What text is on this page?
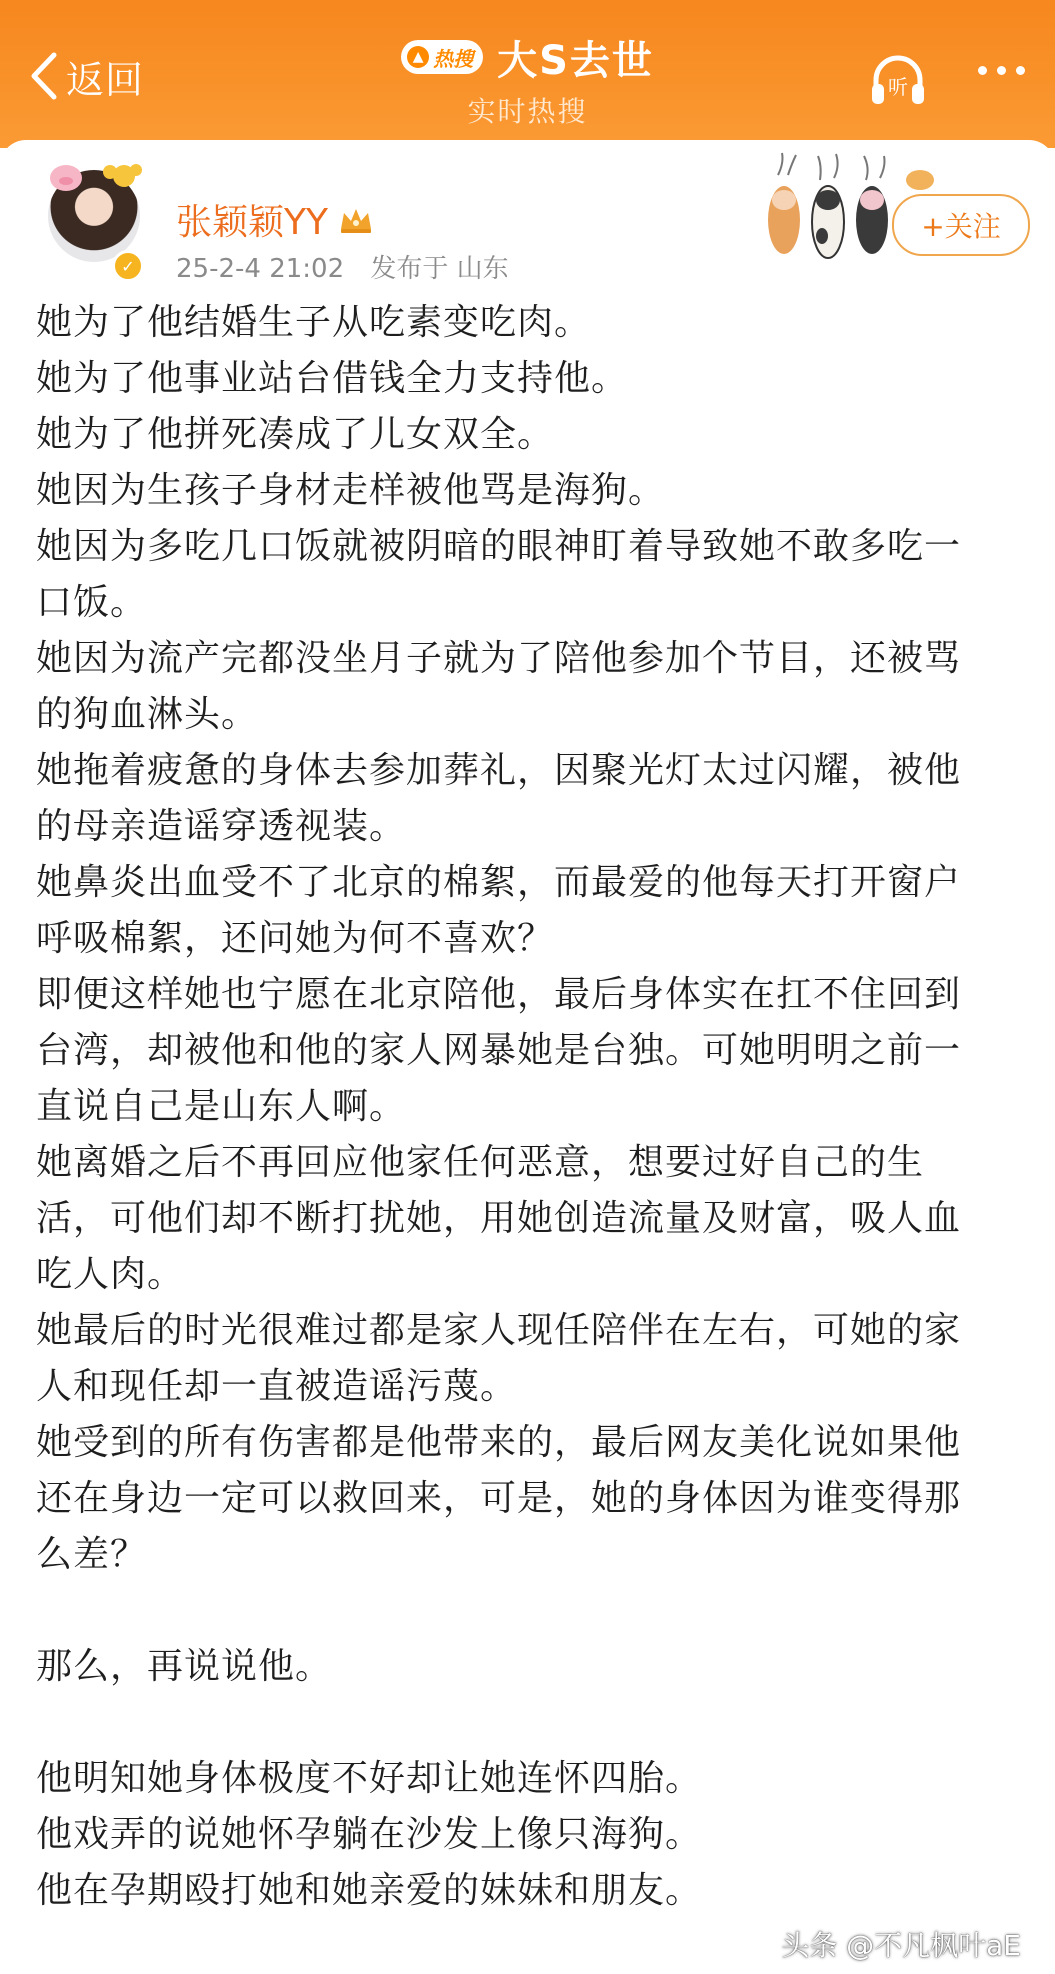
返回
▲ 热搜 大S去世
实时热搜
听
✓
张颖颖YY
25-2-4 21:02 发布于 山东
+关注
她为了他结婚生子从吃素变吃肉。
她为了他事业站台借钱全力支持他。
她为了他拼死凑成了儿女双全。
她因为生孩子身材走样被他骂是海狗。
她因为多吃几口饭就被阴暗的眼神盯着导致她不敢多吃一
口饭。
她因为流产完都没坐月子就为了陪他参加个节目，还被骂
的狗血淋头。
她拖着疲惫的身体去参加葬礼，因聚光灯太过闪耀，被他
的母亲造谣穿透视装。
她鼻炎出血受不了北京的棉絮，而最爱的他每天打开窗户
呼吸棉絮，还问她为何不喜欢？
即便这样她也宁愿在北京陪他，最后身体实在扛不住回到
台湾，却被他和他的家人网暴她是台独。可她明明之前一
直说自己是山东人啊。
她离婚之后不再回应他家任何恶意，想要过好自己的生
活，可他们却不断打扰她，用她创造流量及财富，吸人血
吃人肉。
她最后的时光很难过都是家人现任陪伴在左右，可她的家
人和现任却一直被造谣污蔑。
她受到的所有伤害都是他带来的，最后网友美化说如果他
还在身边一定可以救回来，可是，她的身体因为谁变得那
么差？
那么，再说说他。
他明知她身体极度不好却让她连怀四胎。
他戏弄的说她怀孕躺在沙发上像只海狗。
他在孕期殴打她和她亲爱的妹妹和朋友。
头条 @不凡枫叶aE
